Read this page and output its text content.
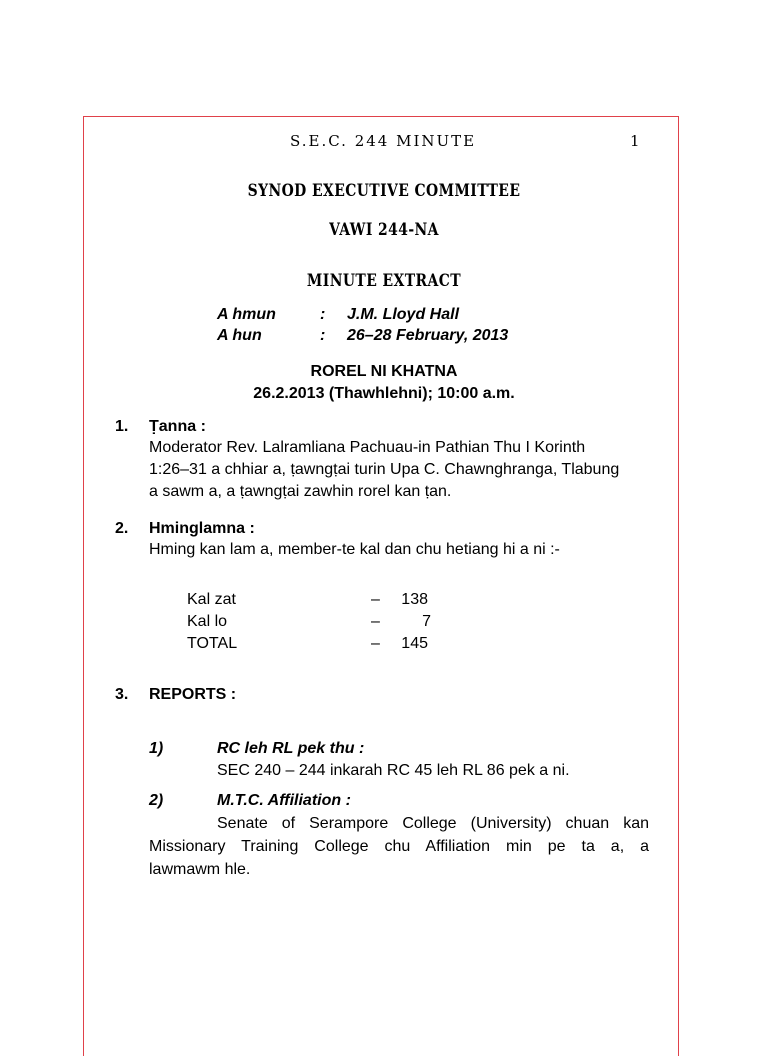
S.E.C. 244 MINUTE	1
SYNOD EXECUTIVE COMMITTEE
VAWI 244-NA
MINUTE EXTRACT
A hmun	: J.M. Lloyd Hall
A hun	: 26–28 February, 2013
ROREL NI KHATNA
26.2.2013 (Thawhlehni); 10:00 a.m.
1. Ṭanna :
Moderator Rev. Lalramliana Pachuau-in Pathian Thu I Korinth
1:26–31 a chhiar a, ṭawngṭai turin Upa C. Chawnghranga, Tlabung
a sawm a, a ṭawngṭai zawhin rorel kan ṭan.
2. Hminglamna :
Hming kan lam a, member-te kal dan chu hetiang hi a ni :-
Kal zat	– 138
Kal lo	–	7
TOTAL	– 145
3. REPORTS :
1)	RC leh RL pek thu :
SEC 240 – 244 inkarah RC 45 leh RL 86 pek a ni.
2)	M.T.C. Affiliation :
Senate of Serampore College (University) chuan kan
Missionary Training College chu Affiliation min pe ta a, a
lawmawm hle.
